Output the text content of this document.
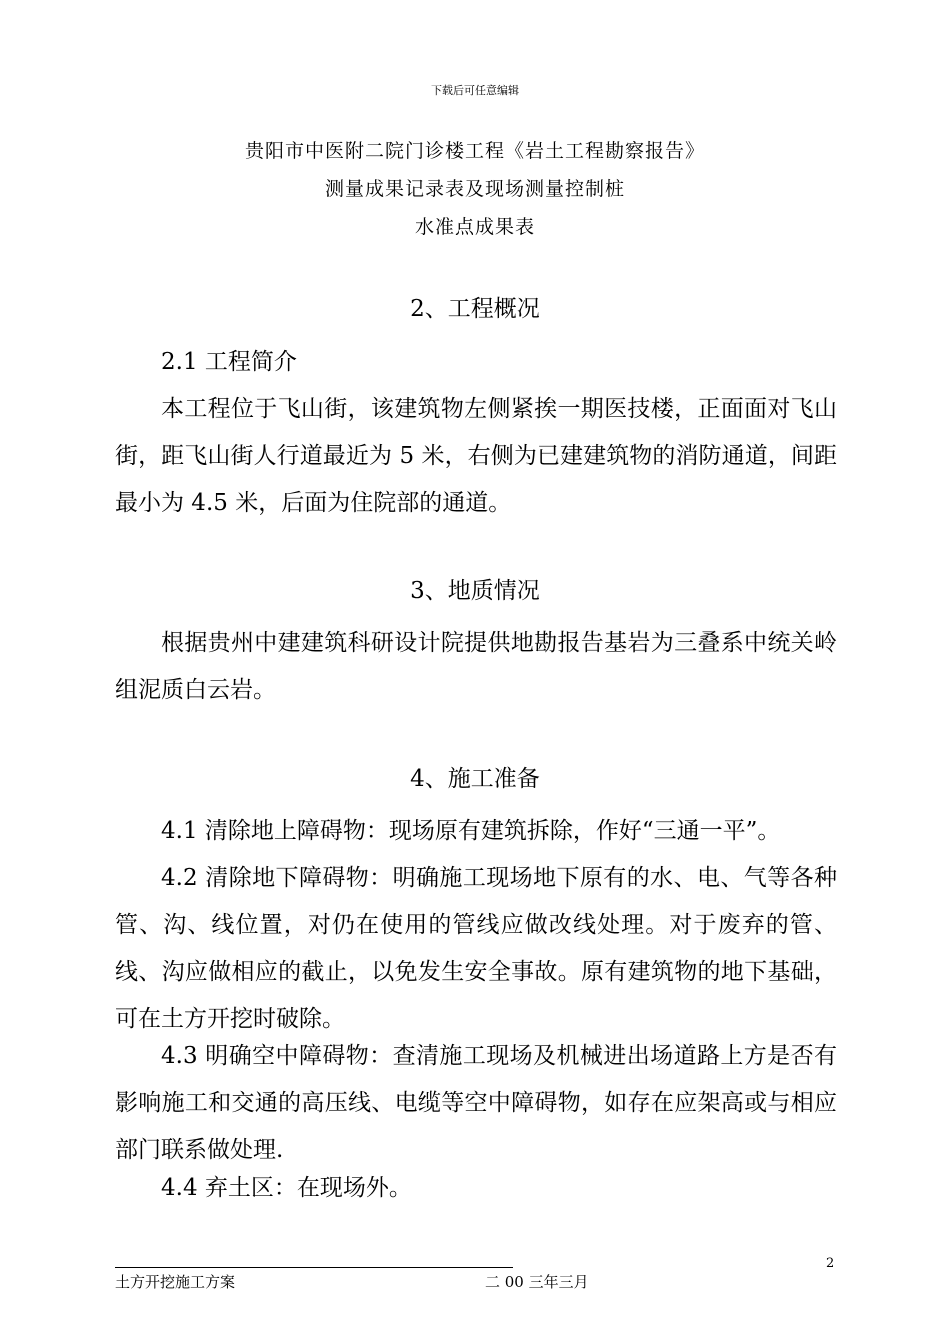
下载后可任意编辑
贵阳市中医附二院门诊楼工程《岩土工程勘察报告》
测量成果记录表及现场测量控制桩
水准点成果表
2、工程概况
2.1 工程简介

本工程位于飞山街，该建筑物左侧紧挨一期医技楼，正面面对飞山街，距飞山街人行道最近为 5 米，右侧为已建建筑物的消防通道，间距最小为 4.5 米，后面为住院部的通道。

3、地质情况

根据贵州中建建筑科研设计院提供地勘报告基岩为三叠系中统关岭组泥质白云岩。

4、施工准备

4.1 清除地上障碍物：现场原有建筑拆除，作好“三通一平”。

4.2 清除地下障碍物：明确施工现场地下原有的水、电、气等各种管、沟、线位置，对仍在使用的管线应做改线处理。对于废弃的管、线、沟应做相应的截止，以免发生安全事故。原有建筑物的地下基础，可在土方开挖时破除。

4.3 明确空中障碍物：查清施工现场及机械进出场道路上方是否有影响施工和交通的高压线、电缆等空中障碍物，如存在应架高或与相应部门联系做处理.

4.4 弃土区：在现场外。

2
土方开挖施工方案	二 00 三年三月
